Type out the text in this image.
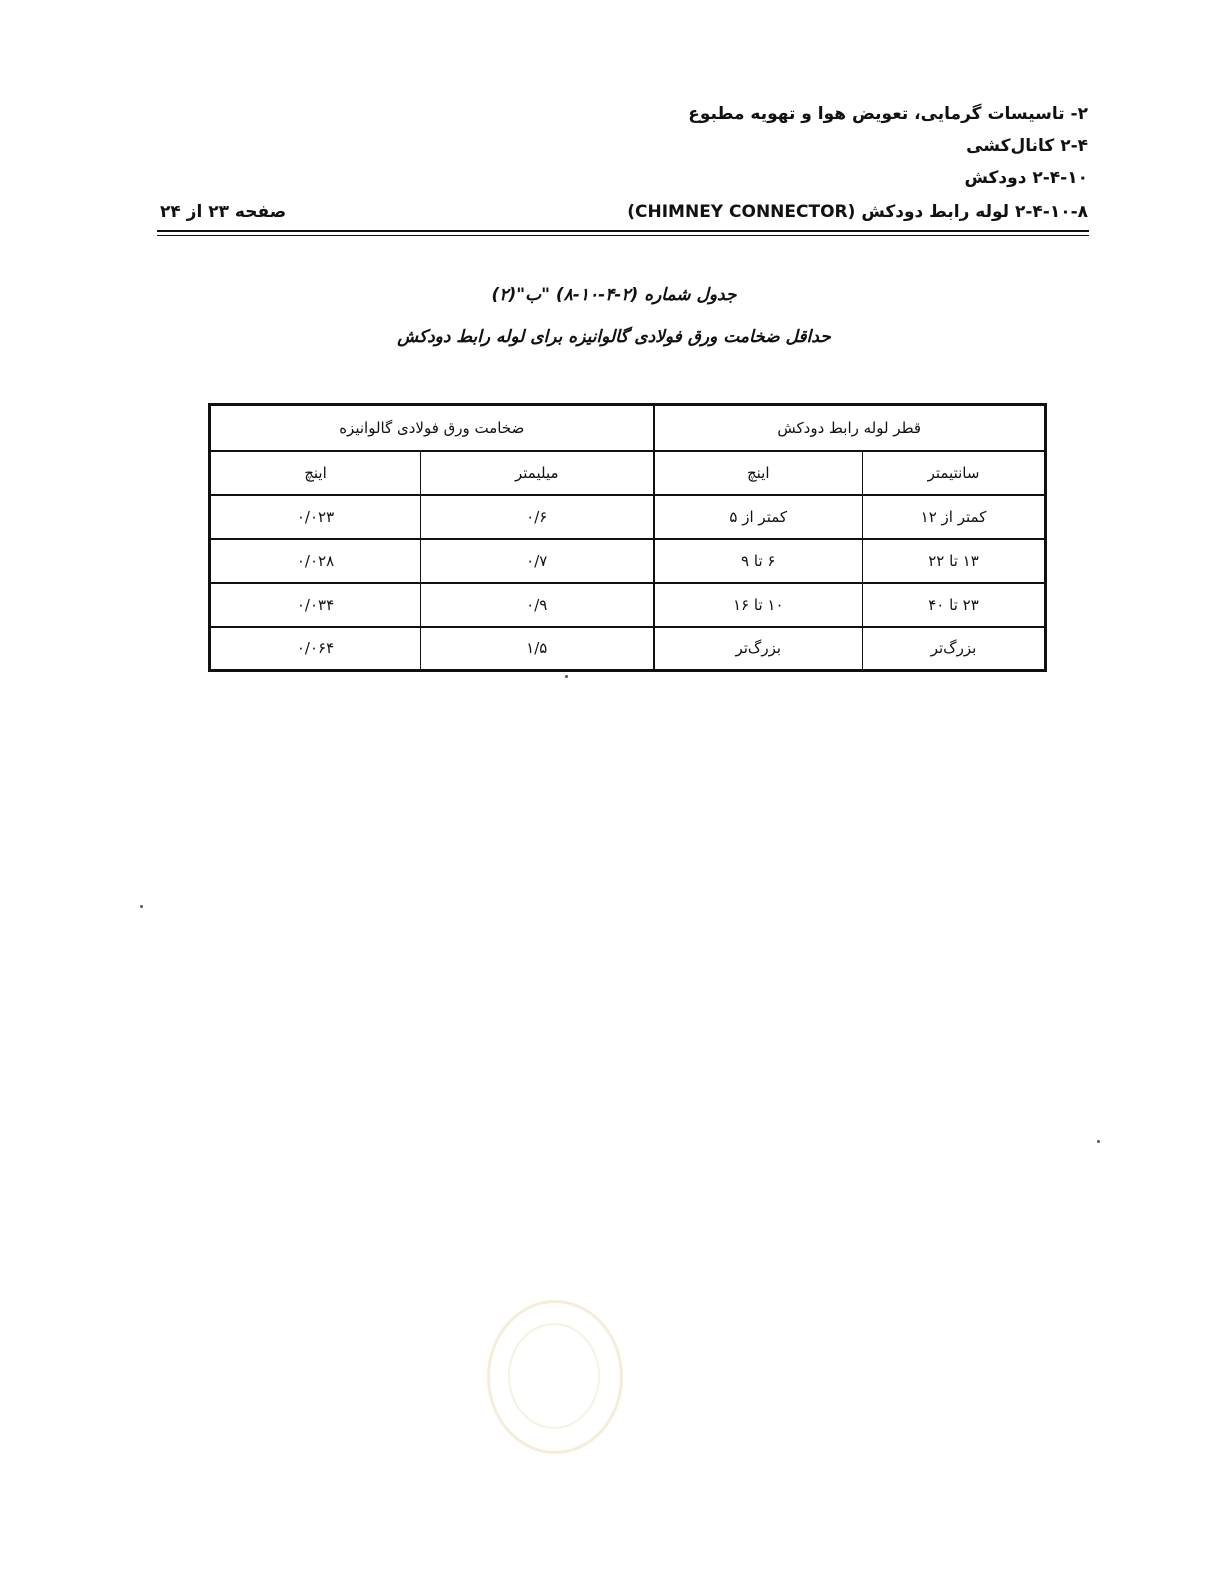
۲- تاسیسات گرمایی، تعویض هوا و تهویه مطبوع
۲-۴ کانال‌کشی
۲-۴-۱۰ دودکش
۲-۴-۱۰-۸ لوله رابط دودکش (CHIMNEY CONNECTOR)
صفحه ۲۳ از ۲۴
جدول شماره (۲-۴-۱۰-۸) "ب"(۲)
حداقل ضخامت ورق فولادی گالوانیزه برای لوله رابط دودکش
قطر لوله رابط دودکش		ضخامت ورق فولادی گالوانیزه	
سانتیمتر	اینچ	میلیمتر	اینچ
کمتر از ۱۲	کمتر از ۵	۰/۶	۰/۰۲۳
۱۳ تا ۲۲	۶ تا ۹	۰/۷	۰/۰۲۸
۲۳ تا ۴۰	۱۰ تا ۱۶	۰/۹	۰/۰۳۴
بزرگ‌تر	بزرگ‌تر	۱/۵	۰/۰۶۴
